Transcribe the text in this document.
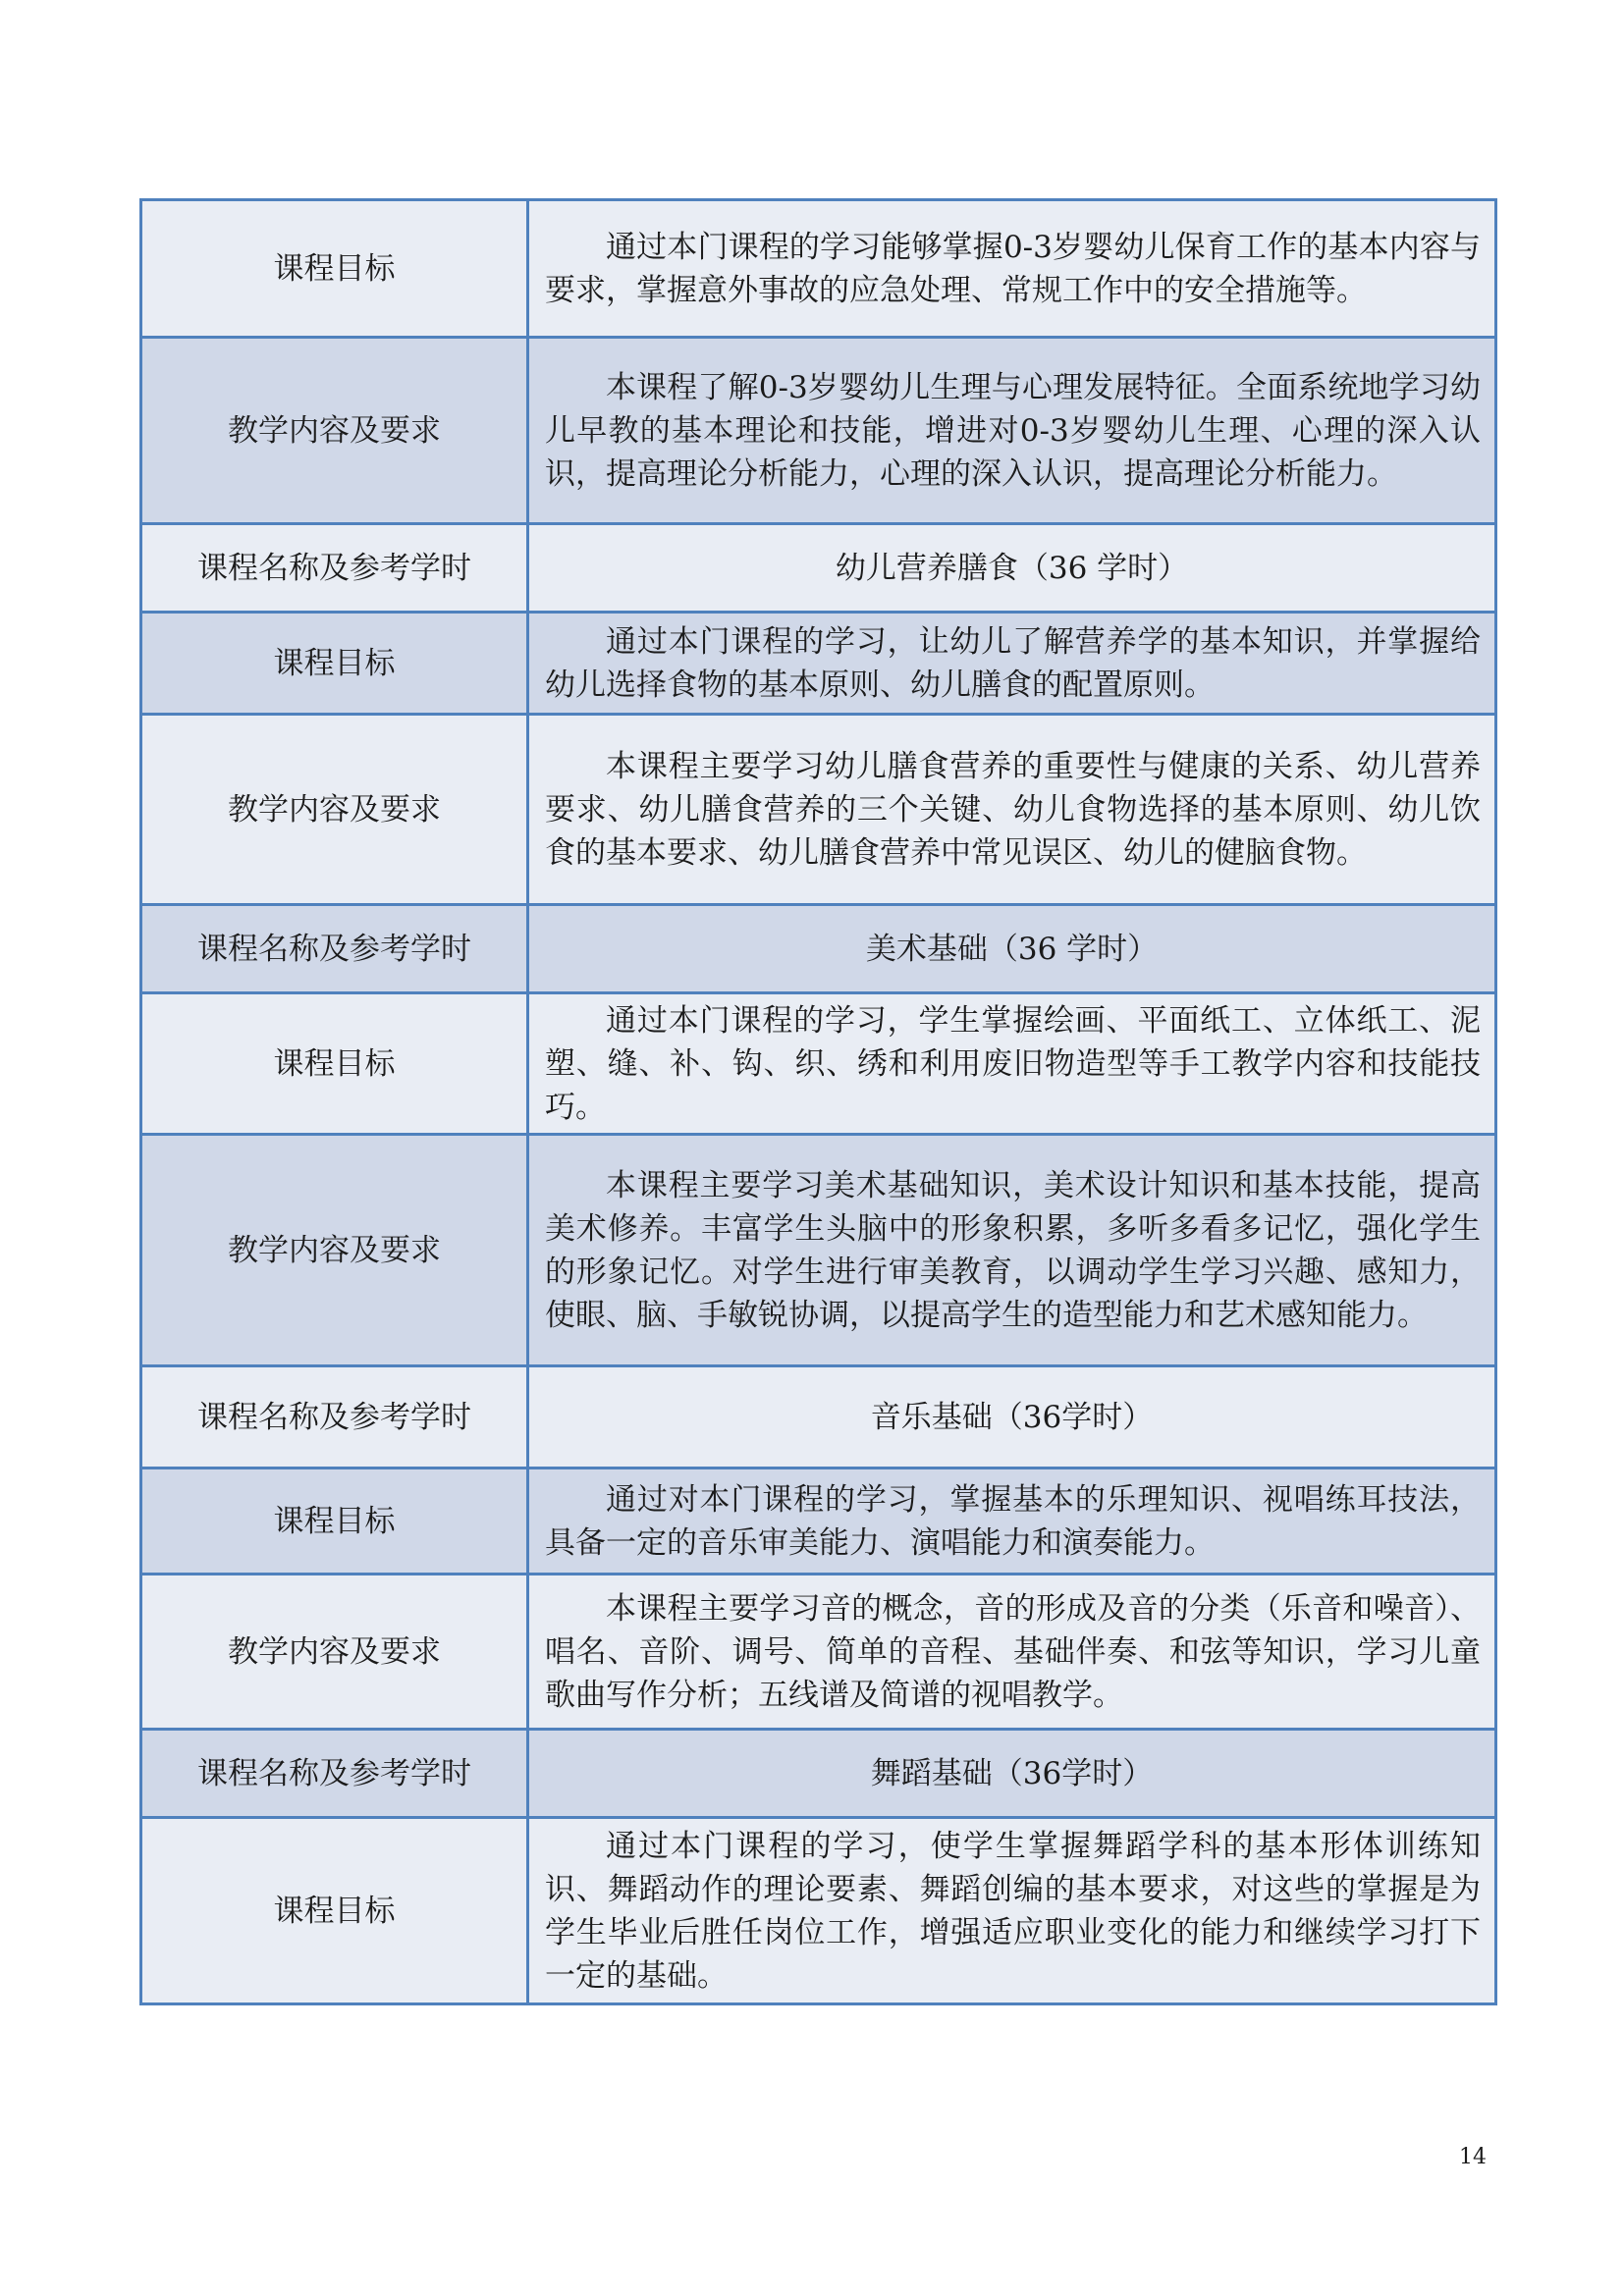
课程目标	通过本门课程的学习能够掌握0-3岁婴幼儿保育工作的基本内容与要求，掌握意外事故的应急处理、常规工作中的安全措施等。

教学内容及要求	本课程了解0-3岁婴幼儿生理与心理发展特征。全面系统地学习幼儿早教的基本理论和技能，增进对0-3岁婴幼儿生理、心理的深入认识，提高理论分析能力，心理的深入认识，提高理论分析能力。

课程名称及参考学时	幼儿营养膳食（36 学时）
课程目标	通过本门课程的学习，让幼儿了解营养学的基本知识，并掌握给幼儿选择食物的基本原则、幼儿膳食的配置原则。

教学内容及要求	本课程主要学习幼儿膳食营养的重要性与健康的关系、幼儿营养要求、幼儿膳食营养的三个关键、幼儿食物选择的基本原则、幼儿饮食的基本要求、幼儿膳食营养中常见误区、幼儿的健脑食物。

课程名称及参考学时	美术基础（36 学时）
课程目标	通过本门课程的学习，学生掌握绘画、平面纸工、立体纸工、泥塑、缝、补、钩、织、绣和利用废旧物造型等手工教学内容和技能技巧。

教学内容及要求	本课程主要学习美术基础知识，美术设计知识和基本技能，提高美术修养。丰富学生头脑中的形象积累，多听多看多记忆，强化学生的形象记忆。对学生进行审美教育，以调动学生学习兴趣、感知力，使眼、脑、手敏锐协调，以提高学生的造型能力和艺术感知能力。

课程名称及参考学时	音乐基础（36学时）
课程目标	通过对本门课程的学习，掌握基本的乐理知识、视唱练耳技法，具备一定的音乐审美能力、演唱能力和演奏能力。

教学内容及要求	本课程主要学习音的概念，音的形成及音的分类（乐音和噪音）、唱名、音阶、调号、简单的音程、基础伴奏、和弦等知识，学习儿童歌曲写作分析；五线谱及简谱的视唱教学。

课程名称及参考学时	舞蹈基础（36学时）
课程目标	通过本门课程的学习，使学生掌握舞蹈学科的基本形体训练知识、舞蹈动作的理论要素、舞蹈创编的基本要求，对这些的掌握是为学生毕业后胜任岗位工作，增强适应职业变化的能力和继续学习打下一定的基础。

14
